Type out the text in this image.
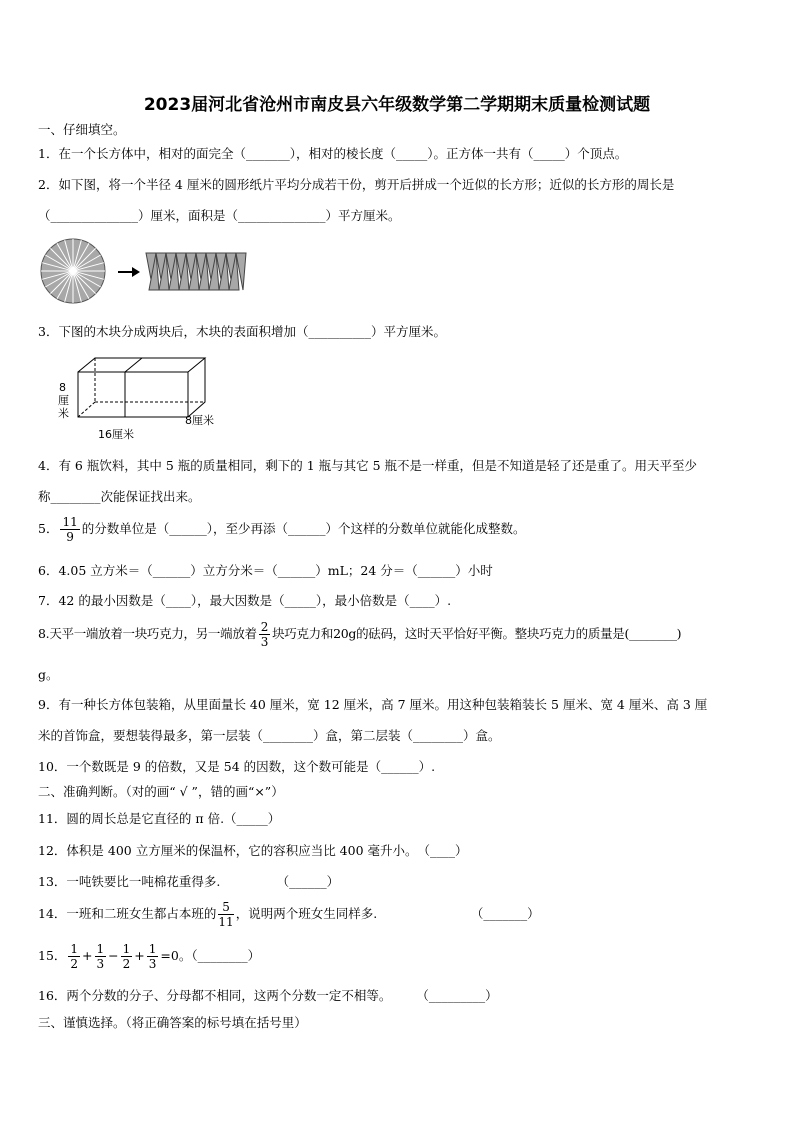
2023届河北省沧州市南皮县六年级数学第二学期期末质量检测试题
一、仔细填空。
1．在一个长方体中，相对的面完全（_______），相对的棱长度（_____）。正方体一共有（_____）个顶点。
2．如下图，将一个半径 4 厘米的圆形纸片平均分成若干份，剪开后拼成一个近似的长方形；近似的长方形的周长是
（______________）厘米，面积是（______________）平方厘米。
3．下图的木块分成两块后，木块的表面积增加（__________）平方厘米。
8
厘
米
16厘米
8厘米
4．有 6 瓶饮料，其中 5 瓶的质量相同，剩下的 1 瓶与其它 5 瓶不是一样重，但是不知道是轻了还是重了。用天平至少
称________次能保证找出来。
5． $\frac{11}{9}$ 的分数单位是（______），至少再添（______）个这样的分数单位就能化成整数。
6．4.05 立方米＝（______）立方分米＝（______）mL；24 分＝（______）小时
7．42 的最小因数是（____），最大因数是（_____），最小倍数是（____）.
8.天平一端放着一块巧克力，另一端放着 $\frac{2}{3}$ 块巧克力和20g的砝码，这时天平恰好平衡。整块巧克力的质量是(________)
g。
9．有一种长方体包装箱，从里面量长 40 厘米，宽 12 厘米，高 7 厘米。用这种包装箱装长 5 厘米、宽 4 厘米、高 3 厘
米的首饰盒，要想装得最多，第一层装（________）盒，第二层装（________）盒。
10．一个数既是 9 的倍数，又是 54 的因数，这个数可能是（______）.
二、准确判断。（对的画“ √ ”，错的画“×”）
11．圆的周长总是它直径的 π 倍.（_____）
12．体积是 400 立方厘米的保温杯，它的容积应当比 400 毫升小。　（____）
13．一吨铁要比一吨棉花重得多.　　　　　（______）
14．一班和二班女生都占本班的 $\frac{5}{11}$ ，说明两个班女生同样多.　　　　　　　　（_______）
15． $\frac{1}{2} + \frac{1}{3} - \frac{1}{2} + \frac{1}{3} =0$。（________）
16．两个分数的分子、分母都不相同，这两个分数一定不相等。　　　（_________）
三、谨慎选择。（将正确答案的标号填在括号里）
